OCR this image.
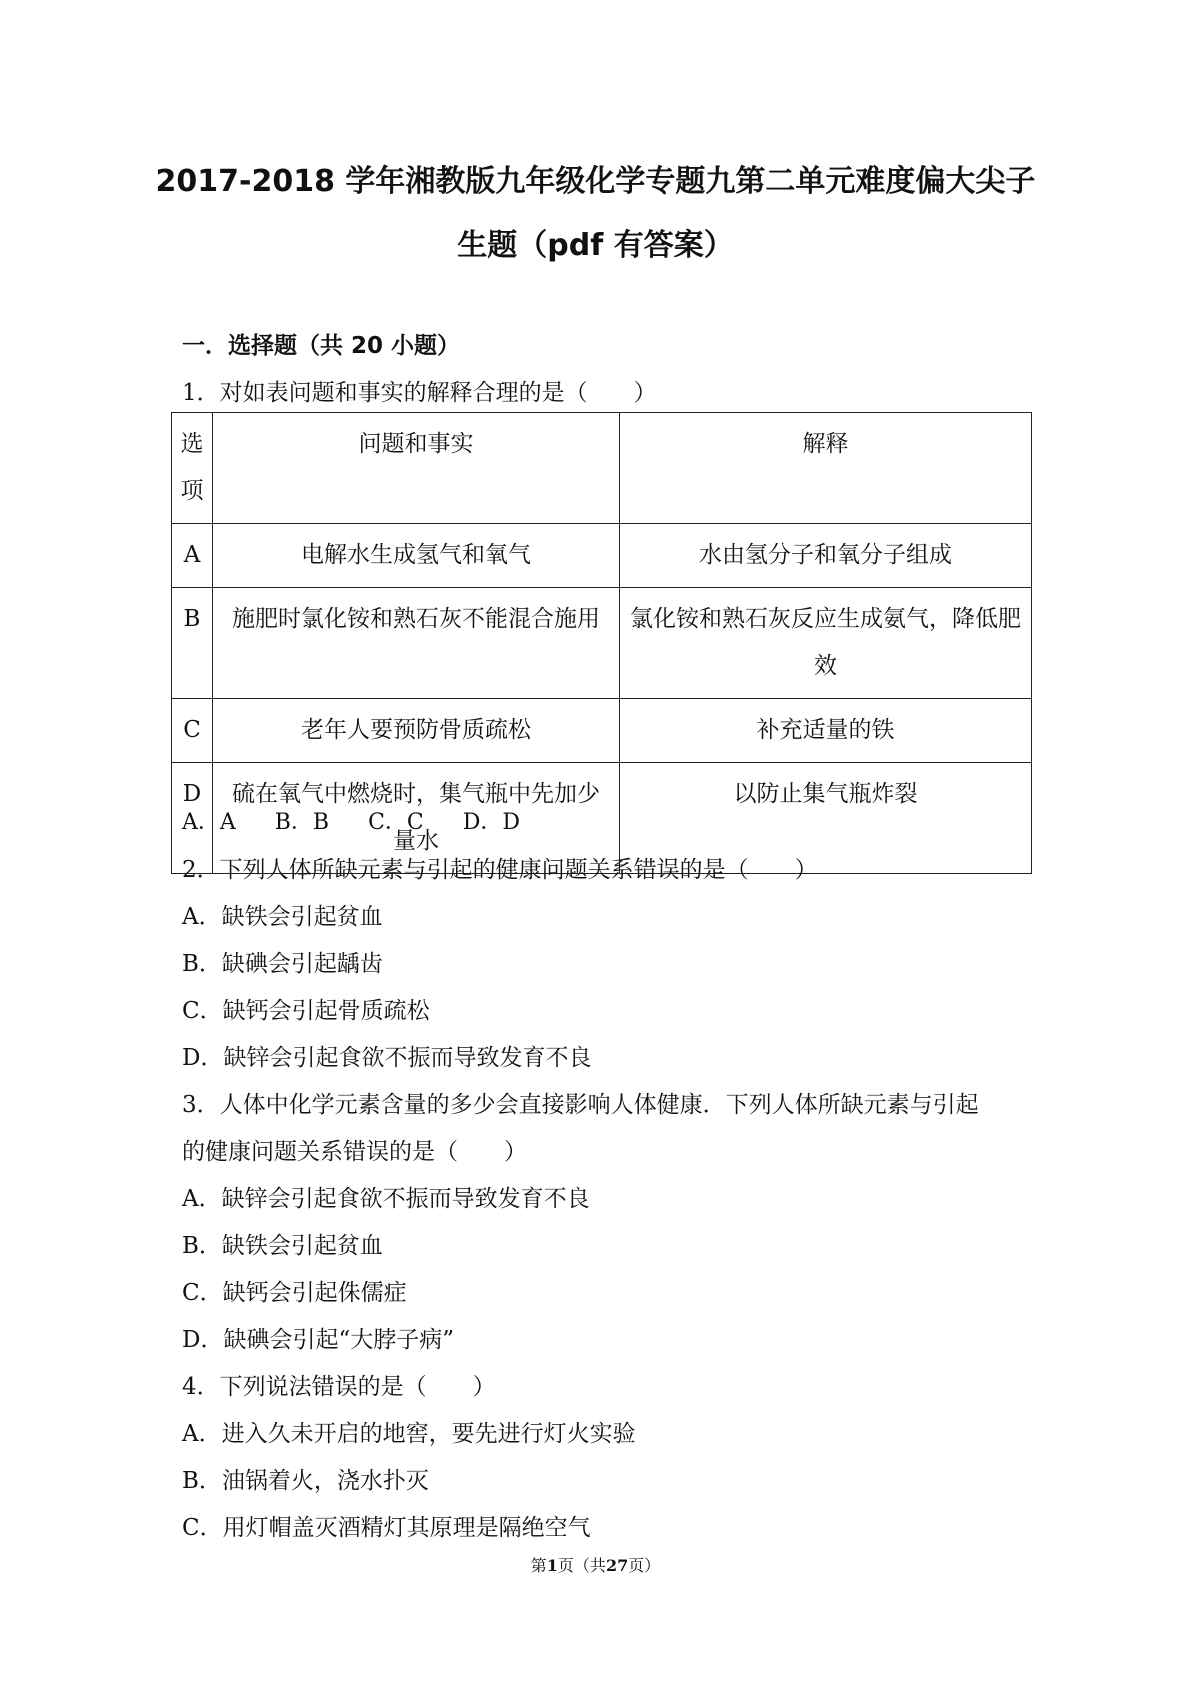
2017-2018 学年湘教版九年级化学专题九第二单元难度偏大尖子
生题（pdf 有答案）
一．选择题（共 20 小题）
1．对如表问题和事实的解释合理的是（　　）
选项	问题和事实	解释
A	电解水生成氢气和氧气	水由氢分子和氧分子组成
B	施肥时氯化铵和熟石灰不能混合施用	氯化铵和熟石灰反应生成氨气，降低肥效
C	老年人要预防骨质疏松	补充适量的铁
D	硫在氧气中燃烧时，集气瓶中先加少量水	以防止集气瓶炸裂
A．A　 B．B　 C．C　 D．D
2．下列人体所缺元素与引起的健康问题关系错误的是（　　）
A．缺铁会引起贫血
B．缺碘会引起龋齿
C．缺钙会引起骨质疏松
D．缺锌会引起食欲不振而导致发育不良
3．人体中化学元素含量的多少会直接影响人体健康．下列人体所缺元素与引起
的健康问题关系错误的是（　　）
A．缺锌会引起食欲不振而导致发育不良
B．缺铁会引起贫血
C．缺钙会引起侏儒症
D．缺碘会引起“大脖子病”
4．下列说法错误的是（　　）
A．进入久未开启的地窖，要先进行灯火实验
B．油锅着火，浇水扑灭
C．用灯帽盖灭酒精灯其原理是隔绝空气
第1页（共27页）
